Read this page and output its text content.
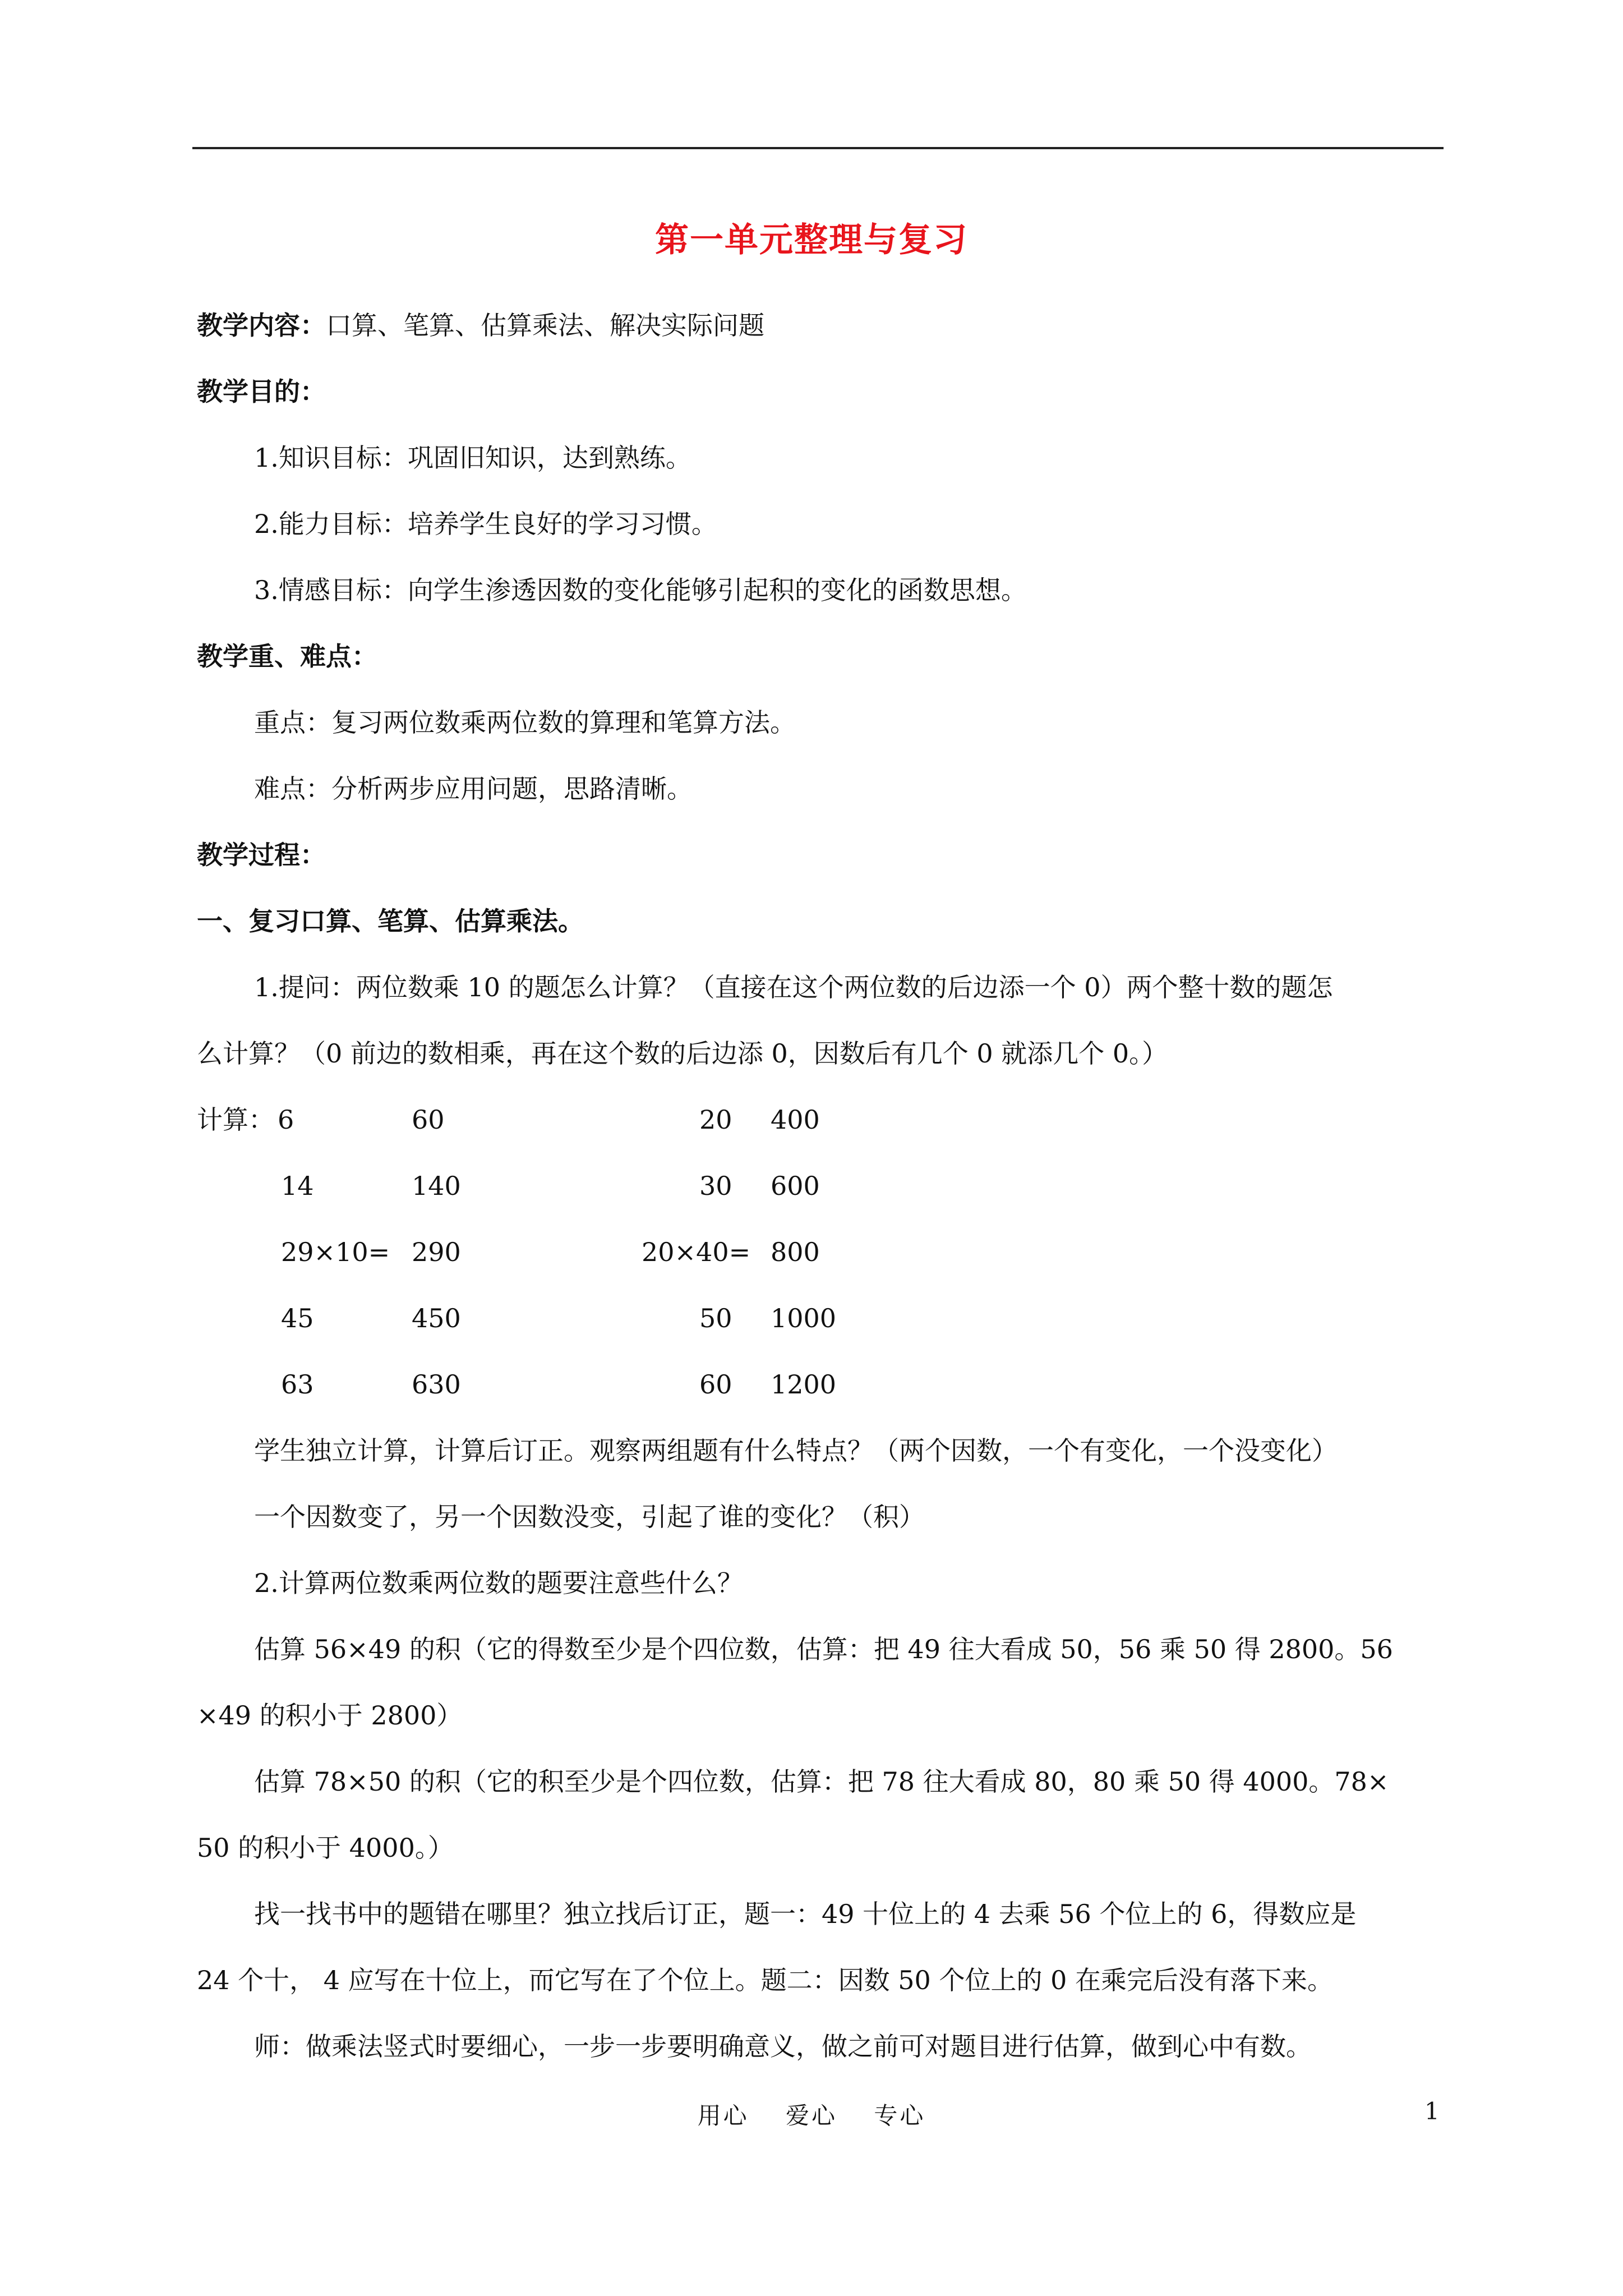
第一单元整理与复习
教学内容：口算、笔算、估算乘法、解决实际问题
教学目的：
1.知识目标：巩固旧知识，达到熟练。
2.能力目标：培养学生良好的学习习惯。
3.情感目标：向学生渗透因数的变化能够引起积的变化的函数思想。
教学重、难点：
重点：复习两位数乘两位数的算理和笔算方法。
难点：分析两步应用问题，思路清晰。
教学过程：
一、复习口算、笔算、估算乘法。
1.提问：两位数乘 10 的题怎么计算？（直接在这个两位数的后边添一个 0）两个整十数的题怎
么计算？（0 前边的数相乘，再在这个数的后边添 0，因数后有几个 0 就添几个 0。）
计算： 6	60	20 400
14	140	30 600
29×10= 290	20×40= 800
45	450	50 1000
63	630	60 1200
学生独立计算，计算后订正。观察两组题有什么特点？（两个因数，一个有变化，一个没变化）
一个因数变了，另一个因数没变，引起了谁的变化？（积）
2.计算两位数乘两位数的题要注意些什么？
估算 56×49 的积（它的得数至少是个四位数，估算：把 49 往大看成 50，56 乘 50 得 2800。56
×49 的积小于 2800）
估算 78×50 的积（它的积至少是个四位数，估算：把 78 往大看成 80，80 乘 50 得 4000。78×
50 的积小于 4000。）
找一找书中的题错在哪里？独立找后订正，题一：49 十位上的 4 去乘 56 个位上的 6，得数应是
24 个十， 4 应写在十位上，而它写在了个位上。题二：因数 50 个位上的 0 在乘完后没有落下来。
师：做乘法竖式时要细心，一步一步要明确意义，做之前可对题目进行估算，做到心中有数。
用心 爱心 专心	1
